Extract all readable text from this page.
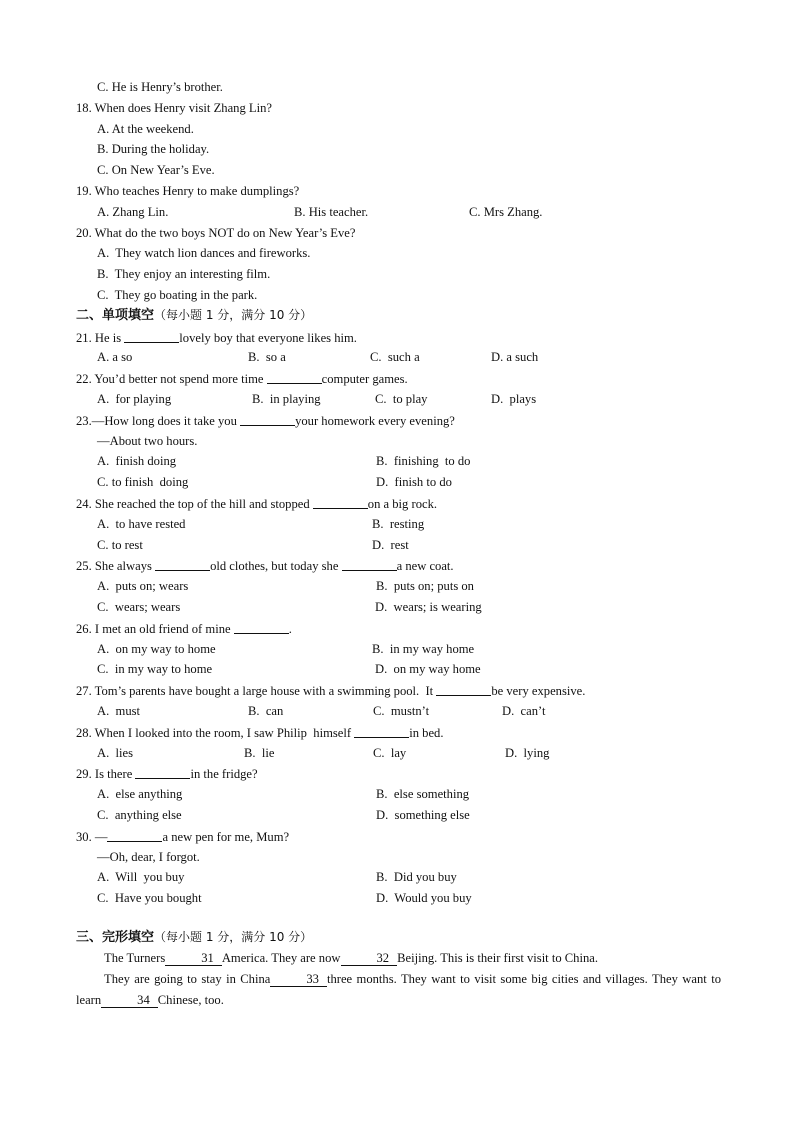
C. He is Henry’s brother.
18. When does Henry visit Zhang Lin?
A. At the weekend.
B. During the holiday.
C. On New Year’s Eve.
19. Who teaches Henry to make dumplings?
A. Zhang Lin.	B. His teacher.	C. Mrs Zhang.
20. What do the two boys NOT do on New Year’s Eve?
A.  They watch lion dances and fireworks.
B.  They enjoy an interesting film.
C.  They go boating in the park.
二、单项填空（每小题 1 分，满分 10 分）
21. He is	lovely boy that everyone likes him.
A. a so	B.  so a	C.  such a	D. a such
22. You’d better not spend more time	computer games.
A.  for playing	B.  in playing	C.  to play	D.  plays
23.—How long does it take you	your homework every evening?
—About two hours.
A.  finish doing	B.  finishing  to do
C. to finish  doing	D.  finish to do
24. She reached the top of the hill and stopped	on a big rock.
A.  to have rested	B.  resting
C. to rest	D.  rest
25. She always	old clothes, but today she	a new coat.
A.  puts on; wears	B.  puts on; puts on
C.  wears; wears	D.  wears; is wearing
26. I met an old friend of mine	.
A.  on my way to home	B.  in my way home
C.  in my way to home	D.  on my way home
27. Tom’s parents have bought a large house with a swimming pool.  It	be very expensive.
A.  must	B.  can	C.  mustn’t	D.  can’t
28. When I looked into the room, I saw Philip  himself	in bed.
A.  lies	B.  lie	C.  lay	D.  lying
29. Is there	in the fridge?
A.  else anything	B.  else something
C.  anything else	D.  something else
30. —	a new pen for me, Mum?
—Oh, dear, I forgot.
A.  Will  you buy	B.  Did you buy
C.  Have you bought	D.  Would you buy
三、完形填空（每小题 1 分，满分 10 分）
The Turners	31 America. They are now	32 Beijing. This is their first visit to China.
They are going to stay in China	33 three months. They want to visit some big cities and villages. They want to learn	34 Chinese, too.
